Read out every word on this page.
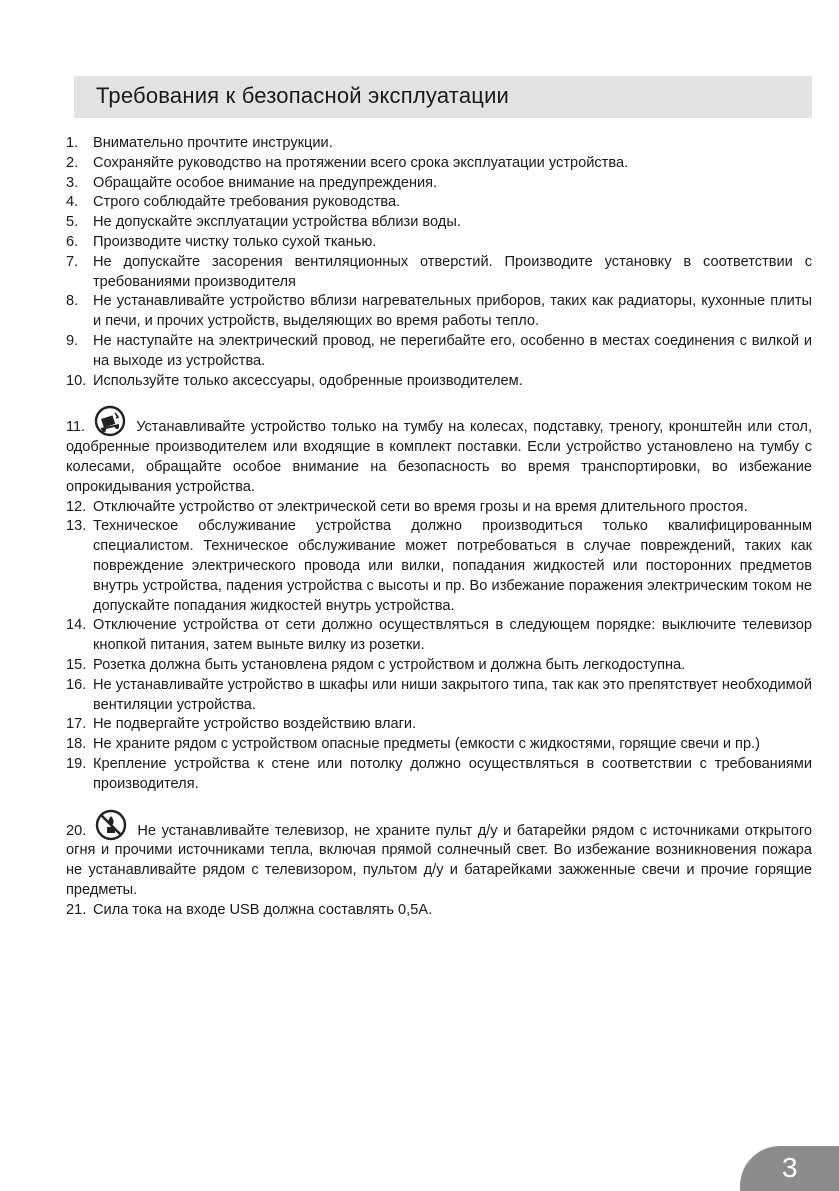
Требования к безопасной эксплуатации
1.	Внимательно прочтите инструкции.
2.	Сохраняйте руководство на протяжении всего срока эксплуатации устройства.
3.	Обращайте особое внимание на предупреждения.
4.	Строго соблюдайте требования руководства.
5.	Не допускайте эксплуатации устройства вблизи воды.
6.	Производите чистку только сухой тканью.
7.	Не допускайте засорения вентиляционных отверстий. Производите установку в соответствии с требованиями производителя
8.	Не устанавливайте устройство вблизи нагревательных приборов, таких как радиаторы, кухонные плиты и печи, и прочих устройств, выделяющих во время работы тепло.
9.	Не наступайте на электрический провод, не перегибайте его, особенно в местах соединения с вилкой и на выходе из устройства.
10. Используйте только аксессуары, одобренные производителем.
11.	Устанавливайте устройство только на тумбу на колесах, подставку, треногу, кронштейн или стол, одобренные производителем или входящие в комплект поставки. Если устройство установлено на тумбу с колесами, обращайте особое внимание на безопасность во время транспортировки, во избежание опрокидывания устройства.
12. Отключайте устройство от электрической сети во время грозы и на время длительного простоя.
13. Техническое обслуживание устройства должно производиться только квалифицированным специалистом. Техническое обслуживание может потребоваться в случае повреждений, таких как повреждение электрического провода или вилки, попадания жидкостей или посторонних предметов внутрь устройства, падения устройства с высоты и пр. Во избежание поражения электрическим током не допускайте попадания жидкостей внутрь устройства.
14. Отключение устройства от сети должно осуществляться в следующем порядке: выключите телевизор кнопкой питания, затем выньте вилку из розетки.
15. Розетка должна быть установлена рядом с устройством и должна быть легкодоступна.
16. Не устанавливайте устройство в шкафы или ниши закрытого типа, так как это препятствует необходимой вентиляции устройства.
17. Не подвергайте устройство воздействию влаги.
18. Не храните рядом с устройством опасные предметы (емкости с жидкостями, горящие свечи и пр.)
19. Крепление устройства к стене или потолку должно осуществляться в соответствии с требованиями производителя.
20.	Не устанавливайте телевизор, не храните пульт д/у и батарейки рядом с источниками открытого огня и прочими источниками тепла, включая прямой солнечный свет. Во избежание возникновения пожара не устанавливайте рядом с телевизором, пультом д/у и батарейками зажженные свечи и прочие горящие предметы.
21. Сила тока на входе USB должна составлять 0,5А.
3
